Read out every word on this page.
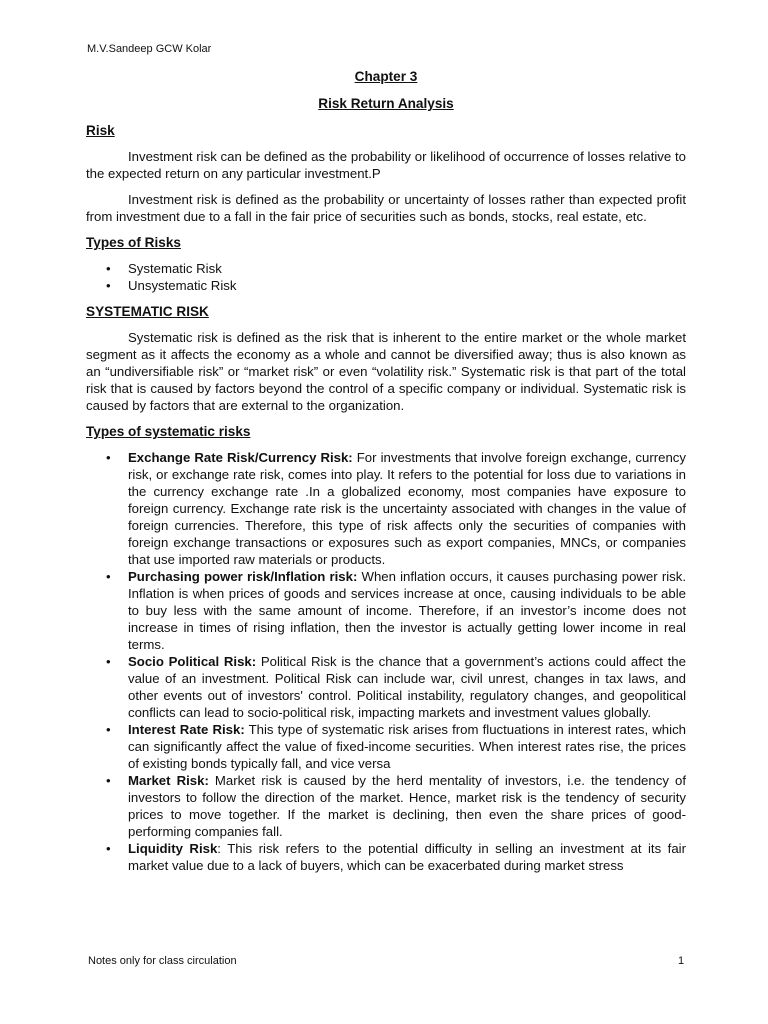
M.V.Sandeep GCW Kolar
Chapter 3
Risk Return Analysis
Risk

Investment risk can be defined as the probability or likelihood of occurrence of losses relative to the expected return on any particular investment.P

Investment risk is defined as the probability or uncertainty of losses rather than expected profit from investment due to a fall in the fair price of securities such as bonds, stocks, real estate, etc.

Types of Risks
• Systematic Risk
• Unsystematic Risk
SYSTEMATIC RISK

Systematic risk is defined as the risk that is inherent to the entire market or the whole market segment as it affects the economy as a whole and cannot be diversified away; thus is also known as an “undiversifiable risk” or “market risk” or even “volatility risk.” Systematic risk is that part of the total risk that is caused by factors beyond the control of a specific company or individual. Systematic risk is caused by factors that are external to the organization.

Types of systematic risks
• Exchange Rate Risk/Currency Risk: For investments that involve foreign exchange, currency risk, or exchange rate risk, comes into play. It refers to the potential for loss due to variations in the currency exchange rate .In a globalized economy, most companies have exposure to foreign currency. Exchange rate risk is the uncertainty associated with changes in the value of foreign currencies. Therefore, this type of risk affects only the securities of companies with foreign exchange transactions or exposures such as export companies, MNCs, or companies that use imported raw materials or products.
• Purchasing power risk/Inflation risk: When inflation occurs, it causes purchasing power risk. Inflation is when prices of goods and services increase at once, causing individuals to be able to buy less with the same amount of income. Therefore, if an investor’s income does not increase in times of rising inflation, then the investor is actually getting lower income in real terms.
• Socio Political Risk: Political Risk is the chance that a government’s actions could affect the value of an investment. Political Risk can include war, civil unrest, changes in tax laws, and other events out of investors' control. Political instability, regulatory changes, and geopolitical conflicts can lead to socio-political risk, impacting markets and investment values globally.
• Interest Rate Risk: This type of systematic risk arises from fluctuations in interest rates, which can significantly affect the value of fixed-income securities. When interest rates rise, the prices of existing bonds typically fall, and vice versa
• Market Risk: Market risk is caused by the herd mentality of investors, i.e. the tendency of investors to follow the direction of the market. Hence, market risk is the tendency of security prices to move together. If the market is declining, then even the share prices of good-performing companies fall.
• Liquidity Risk: This risk refers to the potential difficulty in selling an investment at its fair market value due to a lack of buyers, which can be exacerbated during market stress
Notes only for class circulation	1
